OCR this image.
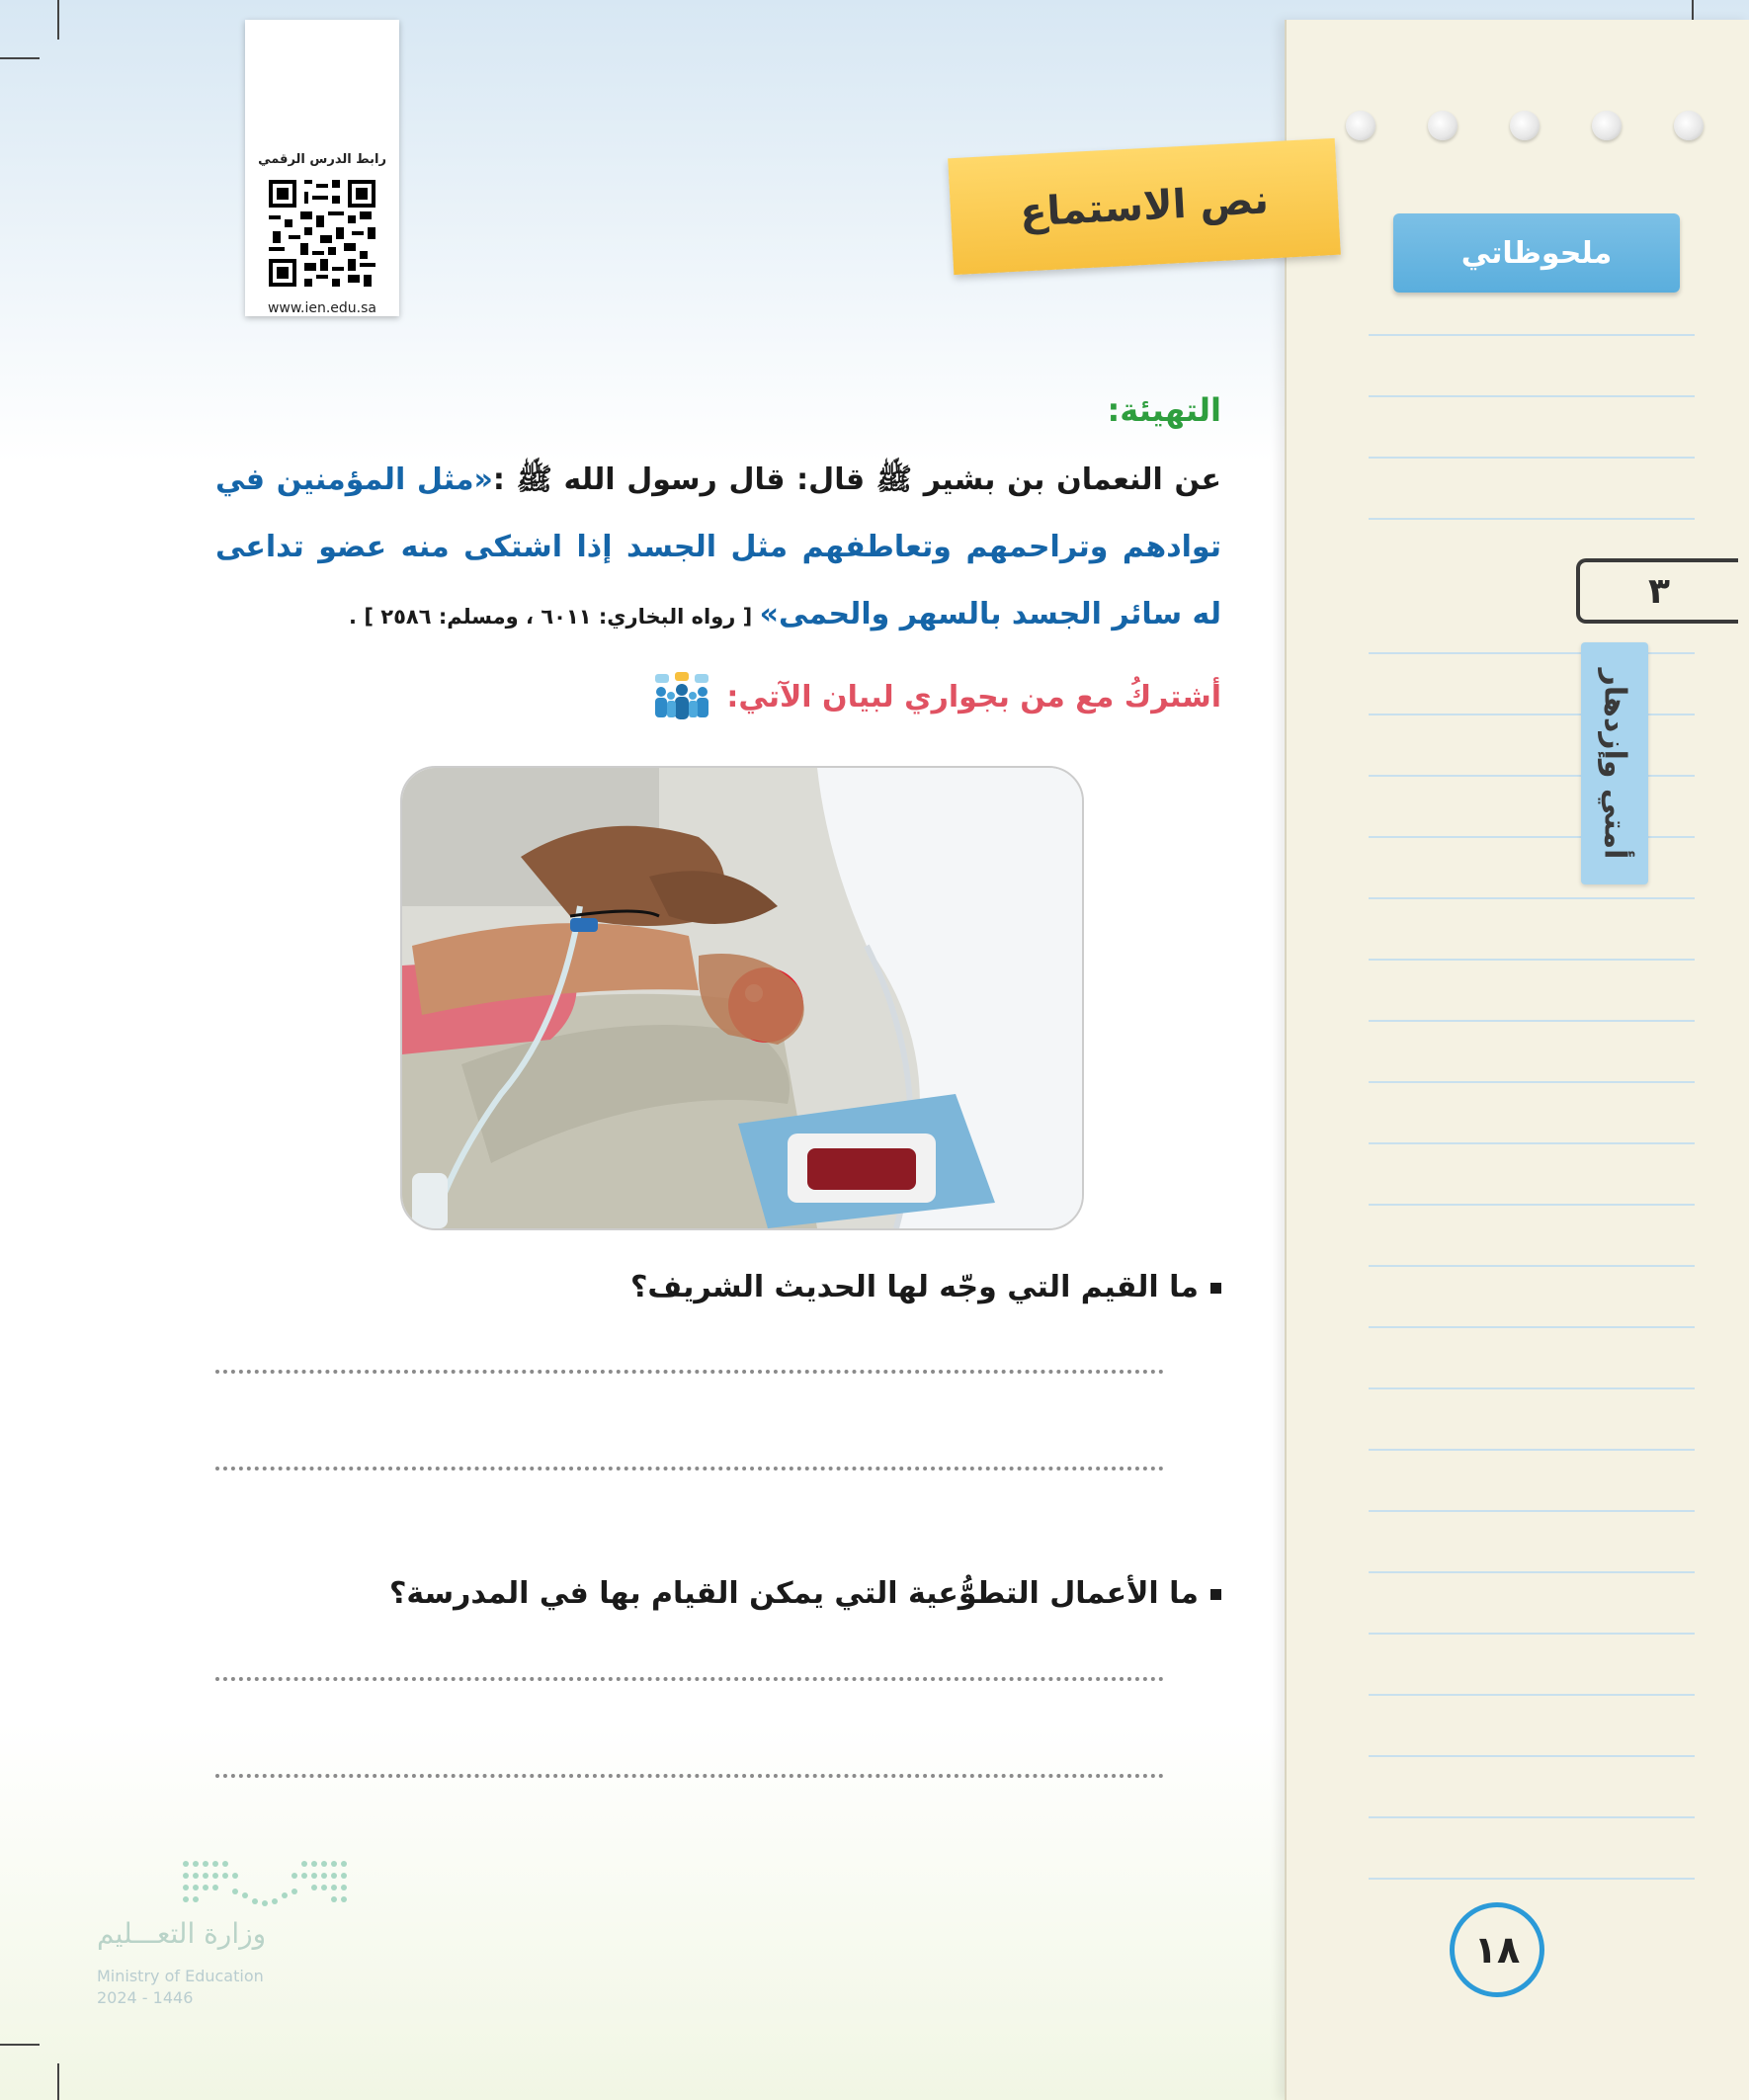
ملحوظاتي
٣
أمتي وإزدهار
١٨
رابط الدرس الرقمي
www.ien.edu.sa
نص الاستماع
التهيئة:
عن النعمان بن بشير ﷺ قال: قال رسول الله ﷺ :«مثل المؤمنين في توادهم وتراحمهم وتعاطفهم مثل الجسد إذا اشتكى منه عضو تداعى له سائر الجسد بالسهر والحمى» [ رواه البخاري: ٦٠١١ ، ومسلم: ٢٥٨٦ ] .
أشتركُ مع من بجواري لبيان الآتي:
ما القيم التي وجّه لها الحديث الشريف؟
ما الأعمال التطوُّعية التي يمكن القيام بها في المدرسة؟
وزارة التعـــليم
Ministry of Education
2024 - 1446
